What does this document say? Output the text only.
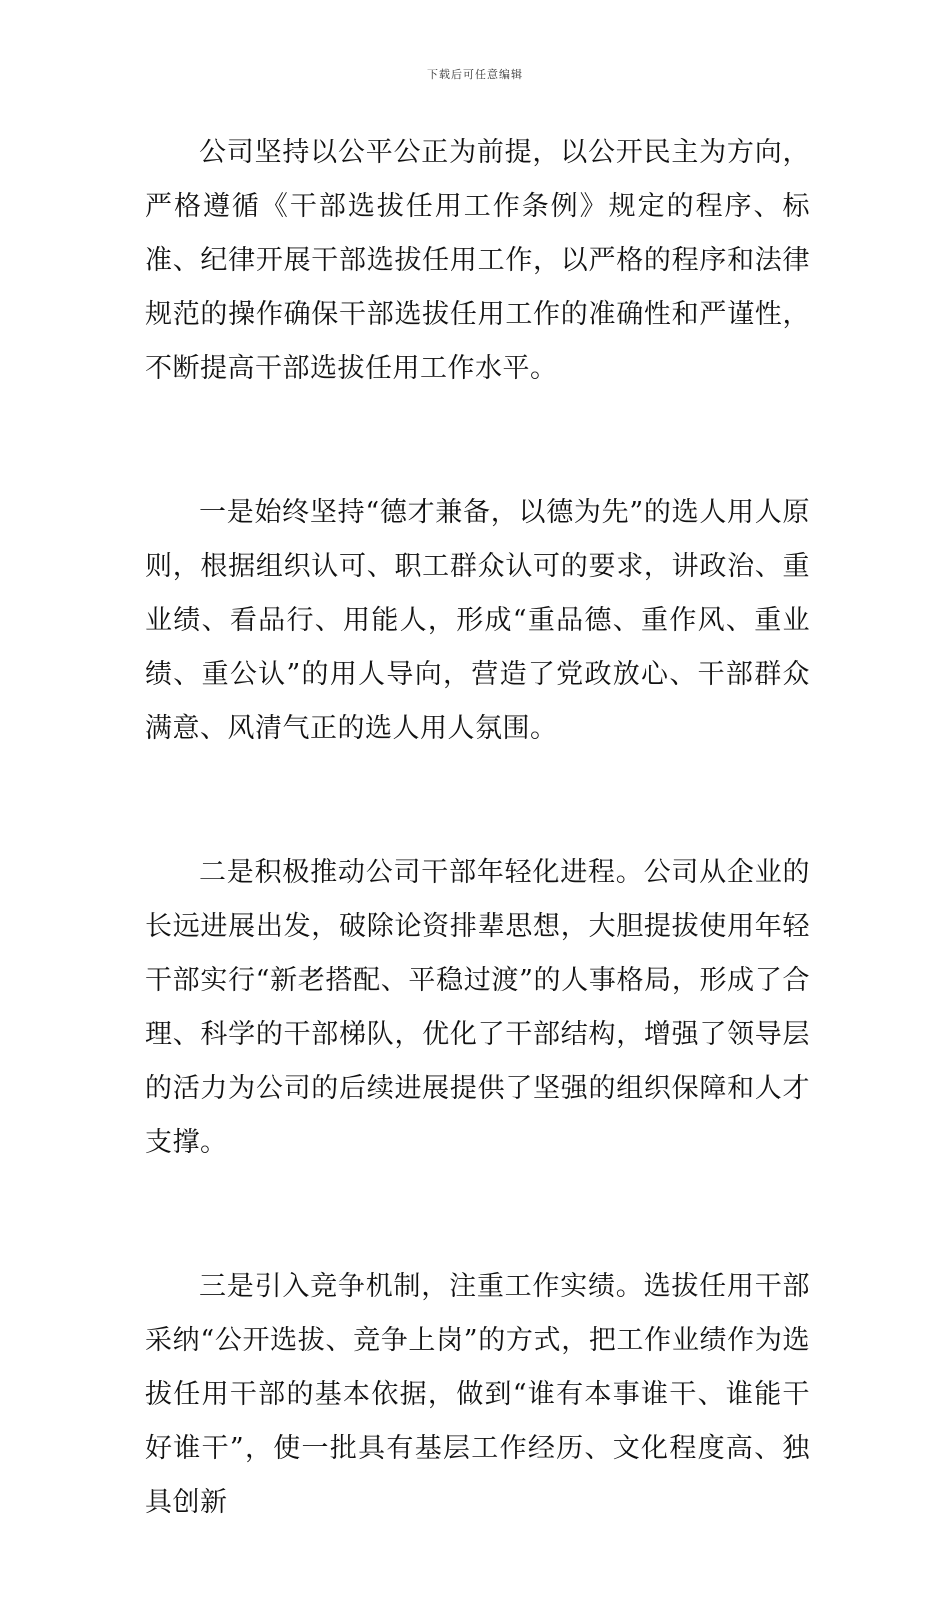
下载后可任意编辑

公司坚持以公平公正为前提，以公开民主为方向，严格遵循《干部选拔任用工作条例》规定的程序、标准、纪律开展干部选拔任用工作，以严格的程序和法律规范的操作确保干部选拔任用工作的准确性和严谨性，不断提高干部选拔任用工作水平。

一是始终坚持“德才兼备，以德为先”的选人用人原则，根据组织认可、职工群众认可的要求，讲政治、重业绩、看品行、用能人，形成“重品德、重作风、重业绩、重公认”的用人导向，营造了党政放心、干部群众满意、风清气正的选人用人氛围。

二是积极推动公司干部年轻化进程。公司从企业的长远进展出发，破除论资排辈思想，大胆提拔使用年轻干部实行“新老搭配、平稳过渡”的人事格局，形成了合理、科学的干部梯队，优化了干部结构，增强了领导层的活力为公司的后续进展提供了坚强的组织保障和人才支撑。

三是引入竞争机制，注重工作实绩。选拔任用干部采纳“公开选拔、竞争上岗”的方式，把工作业绩作为选拔任用干部的基本依据，做到“谁有本事谁干、谁能干好谁干”，使一批具有基层工作经历、文化程度高、独具创新
